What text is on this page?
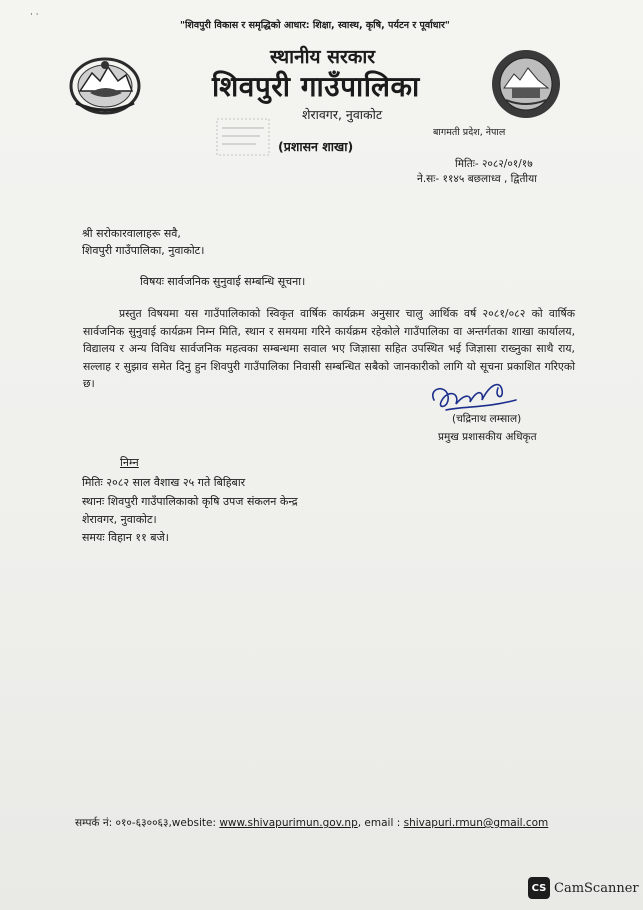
· ·
"शिवपुरी विकास र समृद्धिको आधार: शिक्षा, स्वास्थ, कृषि, पर्यटन र पूर्वाधार"
स्थानीय सरकार
शिवपुरी गाउँपालिका
शेरावगर, नुवाकोट
(प्रशासन शाखा)
बागमती प्रदेश, नेपाल
मितिः- २०८२/०१/१७
ने.सः- ११४५ बछलाध्व , द्वितीया
श्री सरोकारवालाहरू सवै,
शिवपुरी गाउँपालिका, नुवाकोट।
विषयः सार्वजनिक सुनुवाई सम्बन्धि सूचना।
प्रस्तुत विषयमा यस गाउँपालिकाको स्विकृत वार्षिक कार्यक्रम अनुसार चालु आर्थिक वर्ष २०८१/०८२ को वार्षिक सार्वजनिक सुनुवाई कार्यक्रम निम्न मिति, स्थान र समयमा गरिने कार्यक्रम रहेकोले गाउँपालिका वा अन्तर्गतका शाखा कार्यालय, विद्यालय र अन्य विविध सार्वजनिक महत्वका सम्बन्धमा सवाल भए जिज्ञासा सहित उपस्थित भई जिज्ञासा राख्नुका साथै राय, सल्लाह र सुझाव समेत दिनु हुन शिवपुरी गाउँपालिका निवासी सम्बन्धित सबैको जानकारीको लागि यो सूचना प्रकाशित गरिएको छ।
(चद्रिनाथ लम्साल)
प्रमुख प्रशासकीय अधिकृत
निम्न
मितिः २०८२ साल वैशाख २५ गते बिहिबार
स्थानः शिवपुरी गाउँपालिकाको कृषि उपज संकलन केन्द्र
शेरावगर, नुवाकोट।
समयः विहान ११ बजे।
सम्पर्क नं: ०१०-६३००६३,website: www.shivapurimun.gov.np, email : shivapuri.rmun@gmail.com
CS CamScanner
